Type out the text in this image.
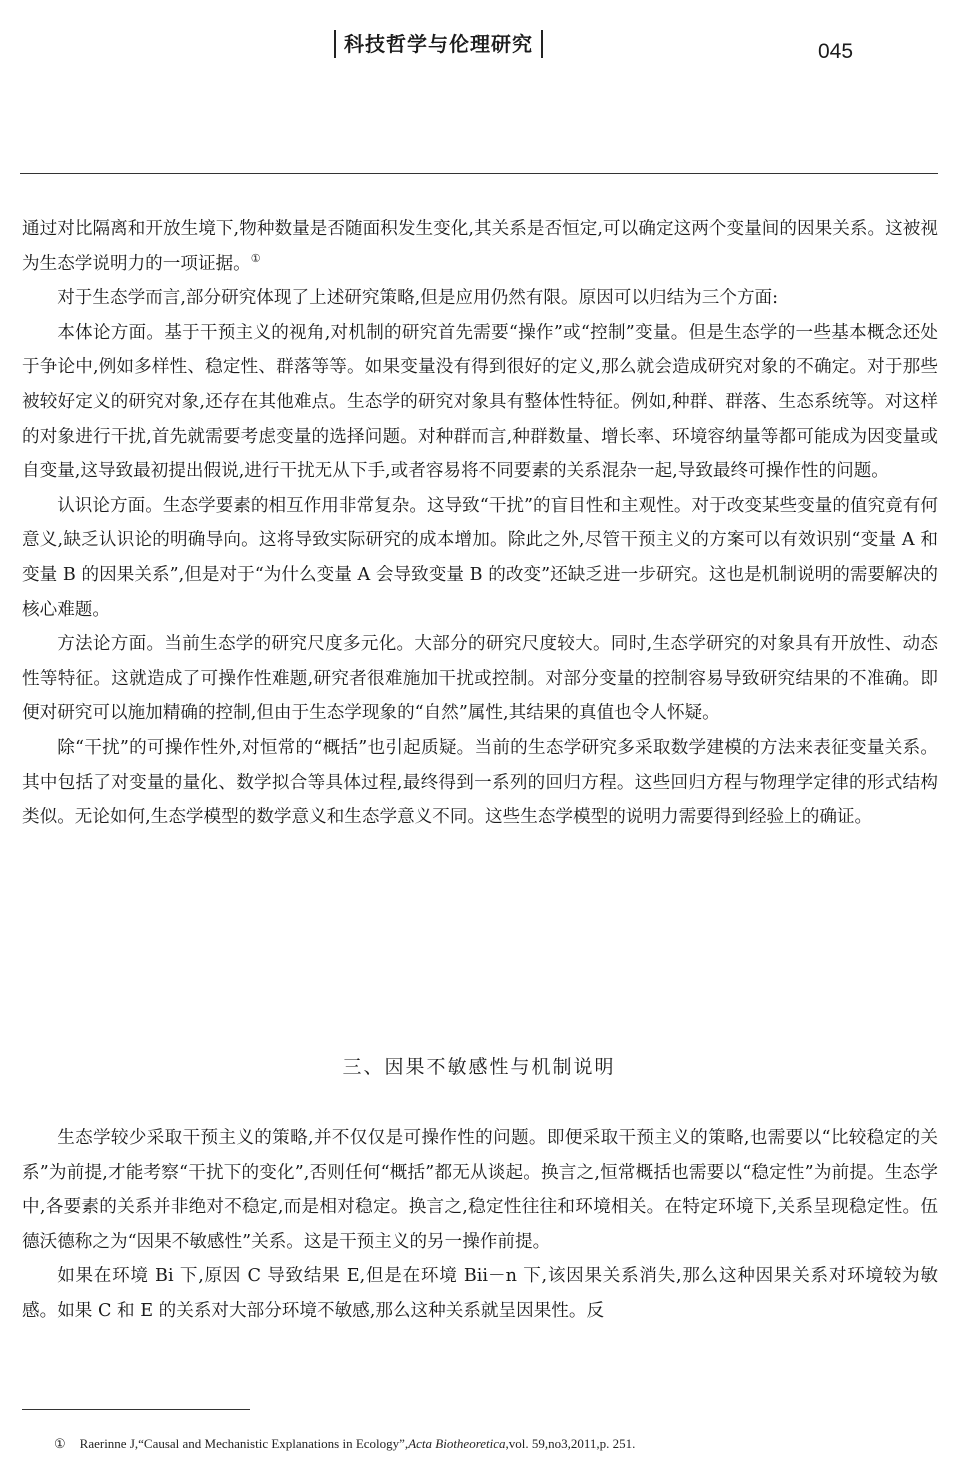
科技哲学与伦理研究	045

通过对比隔离和开放生境下,物种数量是否随面积发生变化,其关系是否恒定,可以确定这两个变量间的因果关系。这被视为生态学说明力的一项证据。①

对于生态学而言,部分研究体现了上述研究策略,但是应用仍然有限。原因可以归结为三个方面:

本体论方面。基于干预主义的视角,对机制的研究首先需要“操作”或“控制”变量。但是生态学的一些基本概念还处于争论中,例如多样性、稳定性、群落等等。如果变量没有得到很好的定义,那么就会造成研究对象的不确定。对于那些被较好定义的研究对象,还存在其他难点。生态学的研究对象具有整体性特征。例如,种群、群落、生态系统等。对这样的对象进行干扰,首先就需要考虑变量的选择问题。对种群而言,种群数量、增长率、环境容纳量等都可能成为因变量或自变量,这导致最初提出假说,进行干扰无从下手,或者容易将不同要素的关系混杂一起,导致最终可操作性的问题。

认识论方面。生态学要素的相互作用非常复杂。这导致“干扰”的盲目性和主观性。对于改变某些变量的值究竟有何意义,缺乏认识论的明确导向。这将导致实际研究的成本增加。除此之外,尽管干预主义的方案可以有效识别“变量 A 和变量 B 的因果关系”,但是对于“为什么变量 A 会导致变量 B 的改变”还缺乏进一步研究。这也是机制说明的需要解决的核心难题。

方法论方面。当前生态学的研究尺度多元化。大部分的研究尺度较大。同时,生态学研究的对象具有开放性、动态性等特征。这就造成了可操作性难题,研究者很难施加干扰或控制。对部分变量的控制容易导致研究结果的不准确。即便对研究可以施加精确的控制,但由于生态学现象的“自然”属性,其结果的真值也令人怀疑。

除“干扰”的可操作性外,对恒常的“概括”也引起质疑。当前的生态学研究多采取数学建模的方法来表征变量关系。其中包括了对变量的量化、数学拟合等具体过程,最终得到一系列的回归方程。这些回归方程与物理学定律的形式结构类似。无论如何,生态学模型的数学意义和生态学意义不同。这些生态学模型的说明力需要得到经验上的确证。

三、因果不敏感性与机制说明

生态学较少采取干预主义的策略,并不仅仅是可操作性的问题。即便采取干预主义的策略,也需要以“比较稳定的关系”为前提,才能考察“干扰下的变化”,否则任何“概括”都无从谈起。换言之,恒常概括也需要以“稳定性”为前提。生态学中,各要素的关系并非绝对不稳定,而是相对稳定。换言之,稳定性往往和环境相关。在特定环境下,关系呈现稳定性。伍德沃德称之为“因果不敏感性”关系。这是干预主义的另一操作前提。

如果在环境 Bi 下,原因 C 导致结果 E,但是在环境 Bii－n 下,该因果关系消失,那么这种因果关系对环境较为敏感。如果 C 和 E 的关系对大部分环境不敏感,那么这种关系就呈因果性。反

① Raerinne J,“Causal and Mechanistic Explanations in Ecology”,Acta Biotheoretica,vol. 59,no3,2011,p. 251.
